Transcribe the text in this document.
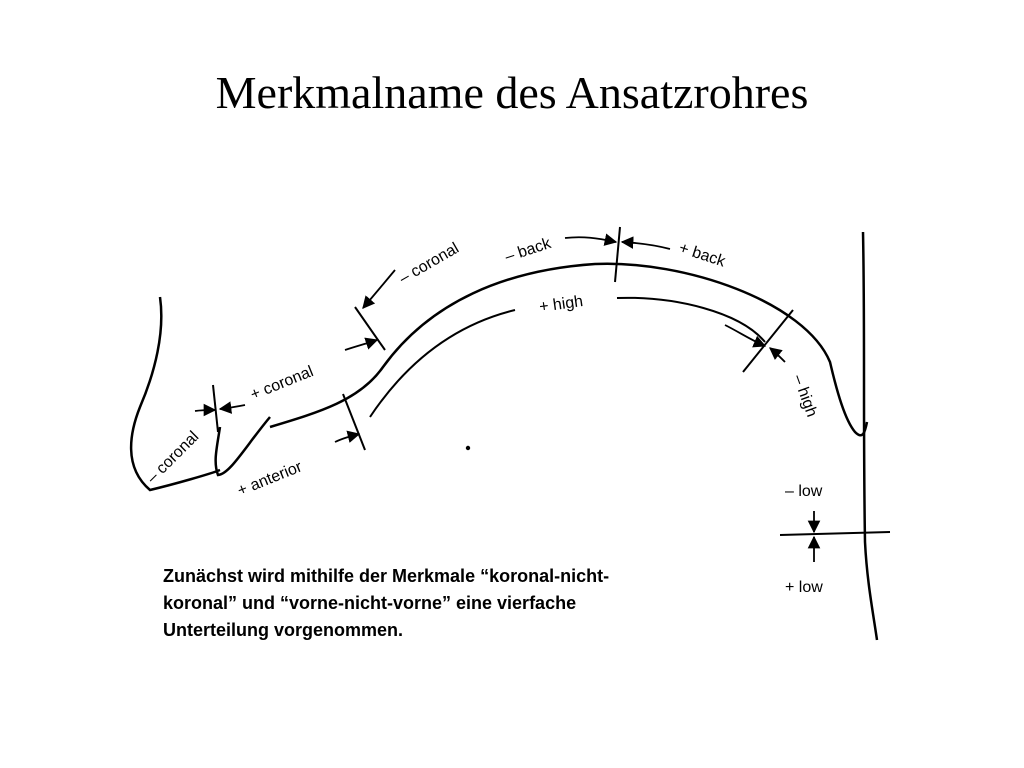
Merkmalname des Ansatzrohres
– coronal	– back	+ back
+ high
– high
+ coronal
– coronal + anterior	– low
+ low
Zunächst wird mithilfe der Merkmale “koronal-nicht-
koronal” und “vorne-nicht-vorne” eine vierfache
Unterteilung vorgenommen.
